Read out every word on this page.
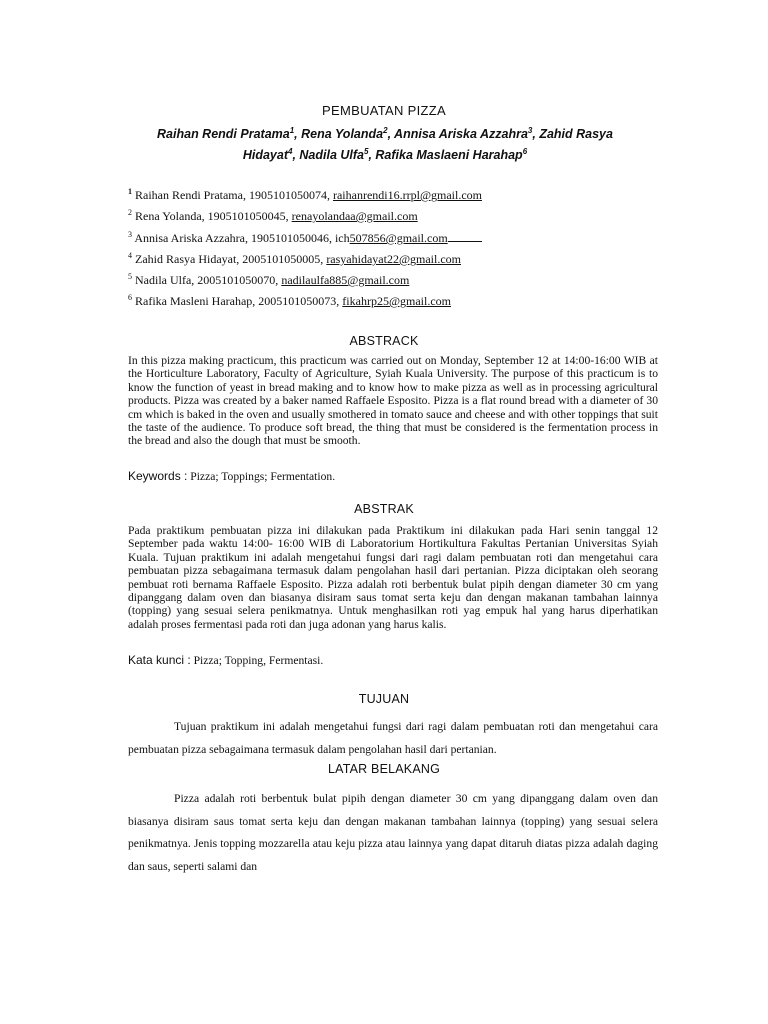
PEMBUATAN PIZZA
Raihan Rendi Pratama$^1$, Rena Yolanda$^2$, Annisa Ariska Azzahra$^3$, Zahid Rasya
Hidayat$^4$, Nadila Ulfa$^5$, Rafika Maslaeni Harahap$^6$
$^1$ Raihan Rendi Pratama, 1905101050074, raihanrendi16.rrpl@gmail.com
$^2$ Rena Yolanda, 1905101050045, renayolandaa@gmail.com
$^3$ Annisa Ariska Azzahra, 1905101050046, ich507856@gmail.com
$^4$ Zahid Rasya Hidayat, 2005101050005, rasyahidayat22@gmail.com
$^5$ Nadila Ulfa, 2005101050070, nadilaulfa885@gmail.com
$^6$ Rafika Masleni Harahap, 2005101050073, fikahrp25@gmail.com
ABSTRACK

In this pizza making practicum, this practicum was carried out on Monday, September 12 at 14:00-16:00 WIB at the Horticulture Laboratory, Faculty of Agriculture, Syiah Kuala University. The purpose of this practicum is to know the function of yeast in bread making and to know how to make pizza as well as in processing agricultural products. Pizza was created by a baker named Raffaele Esposito. Pizza is a flat round bread with a diameter of 30 cm which is baked in the oven and usually smothered in tomato sauce and cheese and with other toppings that suit the taste of the audience. To produce soft bread, the thing that must be considered is the fermentation process in the bread and also the dough that must be smooth.

Keywords : Pizza; Toppings; Fermentation.
ABSTRAK

Pada praktikum pembuatan pizza ini dilakukan pada Praktikum ini dilakukan pada Hari senin tanggal 12 September pada waktu 14:00- 16:00 WIB di Laboratorium Hortikultura Fakultas Pertanian Universitas Syiah Kuala. Tujuan praktikum ini adalah mengetahui fungsi dari ragi dalam pembuatan roti dan mengetahui cara pembuatan pizza sebagaimana termasuk dalam pengolahan hasil dari pertanian. Pizza diciptakan oleh seorang pembuat roti bernama Raffaele Esposito. Pizza adalah roti berbentuk bulat pipih dengan diameter 30 cm yang dipanggang dalam oven dan biasanya disiram saus tomat serta keju dan dengan makanan tambahan lainnya (topping) yang sesuai selera penikmatnya. Untuk menghasilkan roti yag empuk hal yang harus diperhatikan adalah proses fermentasi pada roti dan juga adonan yang harus kalis.

Kata kunci : Pizza; Topping, Fermentasi.
TUJUAN

Tujuan praktikum ini adalah mengetahui fungsi dari ragi dalam pembuatan roti dan mengetahui cara pembuatan pizza sebagaimana termasuk dalam pengolahan hasil dari pertanian.

LATAR BELAKANG

Pizza adalah roti berbentuk bulat pipih dengan diameter 30 cm yang dipanggang dalam oven dan biasanya disiram saus tomat serta keju dan dengan makanan tambahan lainnya (topping) yang sesuai selera penikmatnya. Jenis topping mozzarella atau keju pizza atau lainnya yang dapat ditaruh diatas pizza adalah daging dan saus, seperti salami dan
